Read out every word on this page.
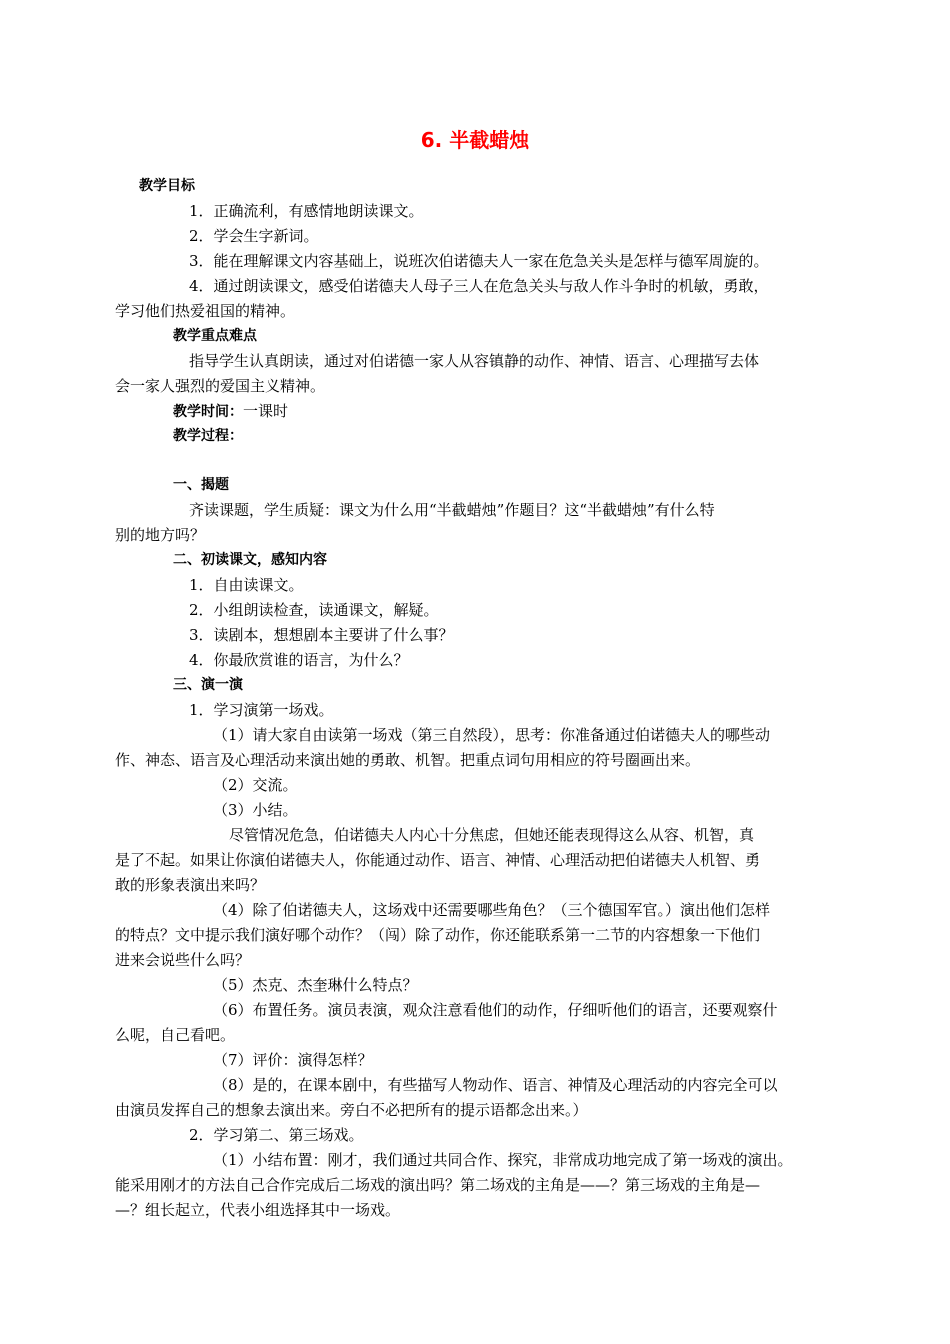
6. 半截蜡烛
教学目标
1．正确流利，有感情地朗读课文。
2．学会生字新词。
3．能在理解课文内容基础上，说班次伯诺德夫人一家在危急关头是怎样与德军周旋的。
4．通过朗读课文，感受伯诺德夫人母子三人在危急关头与敌人作斗争时的机敏，勇敢，
学习他们热爱祖国的精神。
教学重点难点
指导学生认真朗读，通过对伯诺德一家人从容镇静的动作、神情、语言、心理描写去体
会一家人强烈的爱国主义精神。
教学时间：一课时
教学过程：
一、揭题
齐读课题，学生质疑：课文为什么用“半截蜡烛”作题目？这“半截蜡烛”有什么特
别的地方吗？
二、初读课文，感知内容
1．自由读课文。
2．小组朗读检查，读通课文，解疑。
3．读剧本，想想剧本主要讲了什么事？
4．你最欣赏谁的语言，为什么？
三、演一演
1．学习演第一场戏。
（1）请大家自由读第一场戏（第三自然段），思考：你准备通过伯诺德夫人的哪些动
作、神态、语言及心理活动来演出她的勇敢、机智。把重点词句用相应的符号圈画出来。
（2）交流。
（3）小结。
尽管情况危急，伯诺德夫人内心十分焦虑，但她还能表现得这么从容、机智，真
是了不起。如果让你演伯诺德夫人，你能通过动作、语言、神情、心理活动把伯诺德夫人机智、勇
敢的形象表演出来吗？
（4）除了伯诺德夫人，这场戏中还需要哪些角色？（三个德国军官。）演出他们怎样
的特点？文中提示我们演好哪个动作？（闯）除了动作，你还能联系第一二节的内容想象一下他们
进来会说些什么吗？
（5）杰克、杰奎琳什么特点？
（6）布置任务。演员表演，观众注意看他们的动作，仔细听他们的语言，还要观察什
么呢，自己看吧。
（7）评价：演得怎样？
（8）是的，在课本剧中，有些描写人物动作、语言、神情及心理活动的内容完全可以
由演员发挥自己的想象去演出来。旁白不必把所有的提示语都念出来。）
2．学习第二、第三场戏。
（1）小结布置：刚才，我们通过共同合作、探究，非常成功地完成了第一场戏的演出。
能采用刚才的方法自己合作完成后二场戏的演出吗？第二场戏的主角是——？第三场戏的主角是—
—？组长起立，代表小组选择其中一场戏。
